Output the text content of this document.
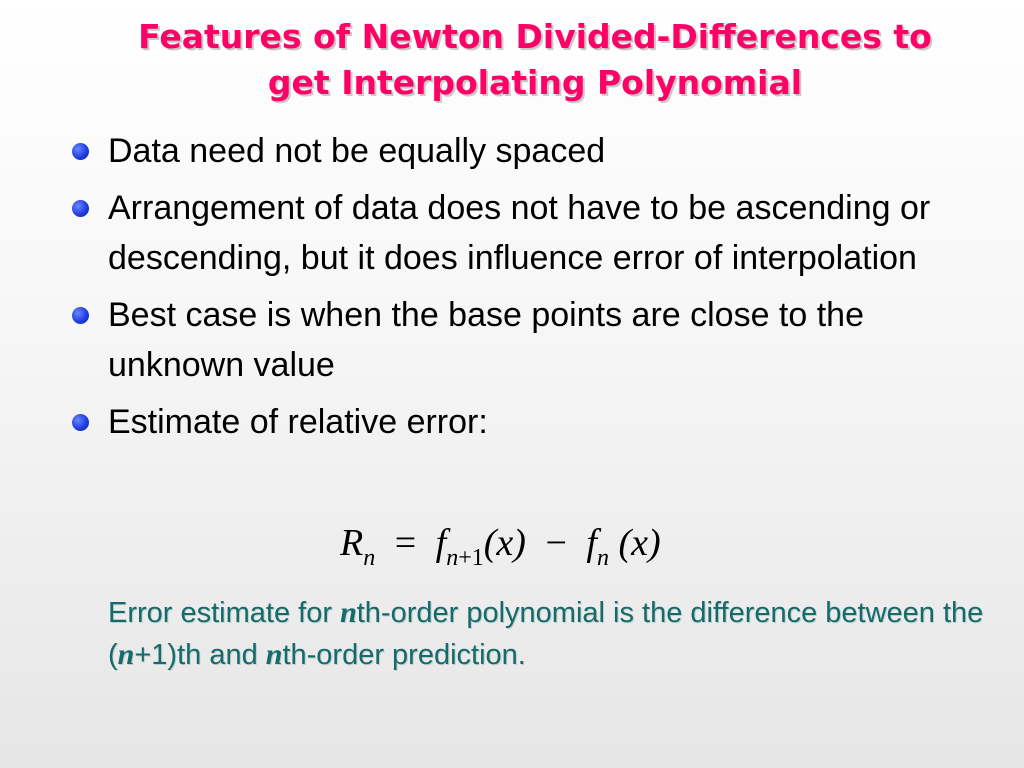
Features of Newton Divided-Differences to
get Interpolating Polynomial
Data need not be equally spaced
Arrangement of data does not have to be ascending or descending, but it does influence error of interpolation
Best case is when the base points are close to the unknown value
Estimate of relative error:
$R_n = f_{n+1}(x) - f_n$ (x)
Error estimate for nth-order polynomial is the difference between the (n+1)th and nth-order prediction.
